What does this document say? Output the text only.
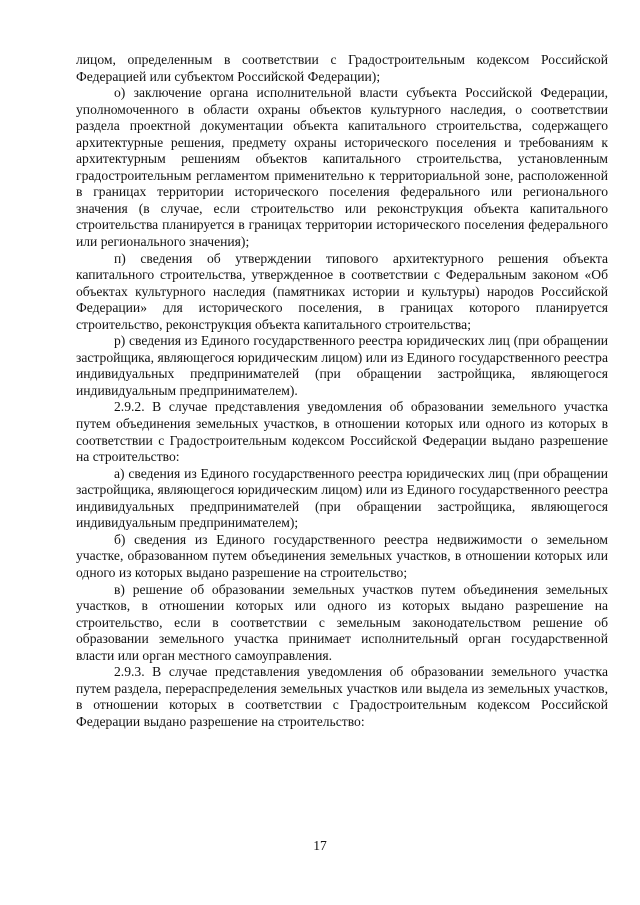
лицом, определенным в соответствии с Градостроительным кодексом Российской Федерацией или субъектом Российской Федерации);

о) заключение органа исполнительной власти субъекта Российской Федерации, уполномоченного в области охраны объектов культурного наследия, о соответствии раздела проектной документации объекта капитального строительства, содержащего архитектурные решения, предмету охраны исторического поселения и требованиям к архитектурным решениям объектов капитального строительства, установленным градостроительным регламентом применительно к территориальной зоне, расположенной в границах территории исторического поселения федерального или регионального значения (в случае, если строительство или реконструкция объекта капитального строительства планируется в границах территории исторического поселения федерального или регионального значения);

п) сведения об утверждении типового архитектурного решения объекта капитального строительства, утвержденное в соответствии с Федеральным законом «Об объектах культурного наследия (памятниках истории и культуры) народов Российской Федерации» для исторического поселения, в границах которого планируется строительство, реконструкция объекта капитального строительства;

р) сведения из Единого государственного реестра юридических лиц (при обращении застройщика, являющегося юридическим лицом) или из Единого государственного реестра индивидуальных предпринимателей (при обращении застройщика, являющегося индивидуальным предпринимателем).

2.9.2. В случае представления уведомления об образовании земельного участка путем объединения земельных участков, в отношении которых или одного из которых в соответствии с Градостроительным кодексом Российской Федерации выдано разрешение на строительство:

а) сведения из Единого государственного реестра юридических лиц (при обращении застройщика, являющегося юридическим лицом) или из Единого государственного реестра индивидуальных предпринимателей (при обращении застройщика, являющегося индивидуальным предпринимателем);

б) сведения из Единого государственного реестра недвижимости о земельном участке, образованном путем объединения земельных участков, в отношении которых или одного из которых выдано разрешение на строительство;

в) решение об образовании земельных участков путем объединения земельных участков, в отношении которых или одного из которых выдано разрешение на строительство, если в соответствии с земельным законодательством решение об образовании земельного участка принимает исполнительный орган государственной власти или орган местного самоуправления.

2.9.3. В случае представления уведомления об образовании земельного участка путем раздела, перераспределения земельных участков или выдела из земельных участков, в отношении которых в соответствии с Градостроительным кодексом Российской Федерации выдано разрешение на строительство:

17
